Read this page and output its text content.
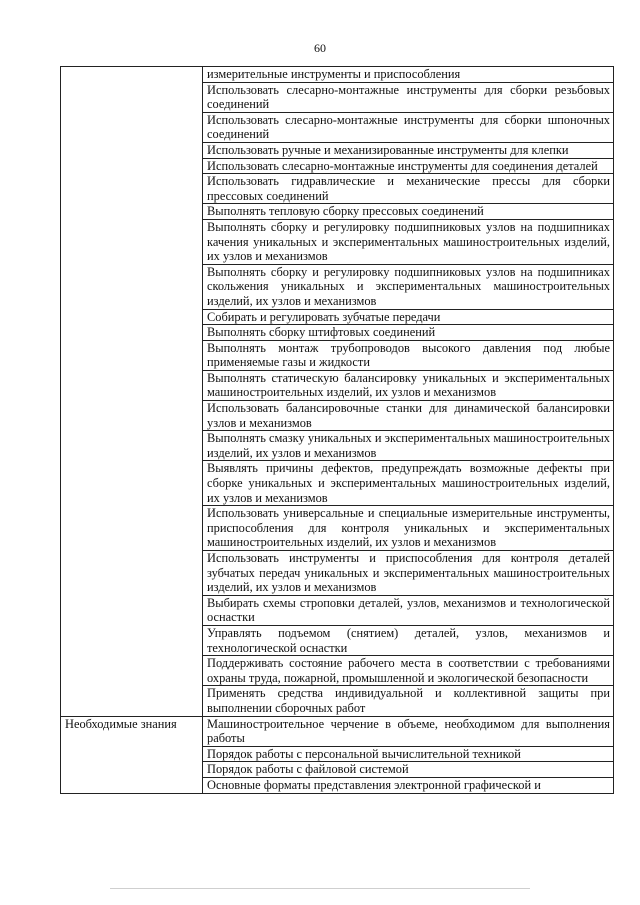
60
	измерительные инструменты и приспособления
	Использовать слесарно-монтажные инструменты для сборки резьбовых соединений
	Использовать слесарно-монтажные инструменты для сборки шпоночных соединений
	Использовать ручные и механизированные инструменты для клепки
	Использовать слесарно-монтажные инструменты для соединения деталей
	Использовать гидравлические и механические прессы для сборки прессовых соединений
	Выполнять тепловую сборку прессовых соединений
	Выполнять сборку и регулировку подшипниковых узлов на подшипниках качения уникальных и экспериментальных машиностроительных изделий, их узлов и механизмов
	Выполнять сборку и регулировку подшипниковых узлов на подшипниках скольжения уникальных и экспериментальных машиностроительных изделий, их узлов и механизмов
	Собирать и регулировать зубчатые передачи
	Выполнять сборку штифтовых соединений
	Выполнять монтаж трубопроводов высокого давления под любые применяемые газы и жидкости
	Выполнять статическую балансировку уникальных и экспериментальных машиностроительных изделий, их узлов и механизмов
	Использовать балансировочные станки для динамической балансировки узлов и механизмов
	Выполнять смазку уникальных и экспериментальных машиностроительных изделий, их узлов и механизмов
	Выявлять причины дефектов, предупреждать возможные дефекты при сборке уникальных и экспериментальных машиностроительных изделий, их узлов и механизмов
	Использовать универсальные и специальные измерительные инструменты, приспособления для контроля уникальных и экспериментальных машиностроительных изделий, их узлов и механизмов
	Использовать инструменты и приспособления для контроля деталей зубчатых передач уникальных и экспериментальных машиностроительных изделий, их узлов и механизмов
	Выбирать схемы строповки деталей, узлов, механизмов и технологической оснастки
	Управлять подъемом (снятием) деталей, узлов, механизмов и технологической оснастки
	Поддерживать состояние рабочего места в соответствии с требованиями охраны труда, пожарной, промышленной и экологической безопасности
	Применять средства индивидуальной и коллективной защиты при выполнении сборочных работ
Необходимые знания	Машиностроительное черчение в объеме, необходимом для выполнения работы
	Порядок работы с персональной вычислительной техникой
	Порядок работы с файловой системой
	Основные форматы представления электронной графической и
